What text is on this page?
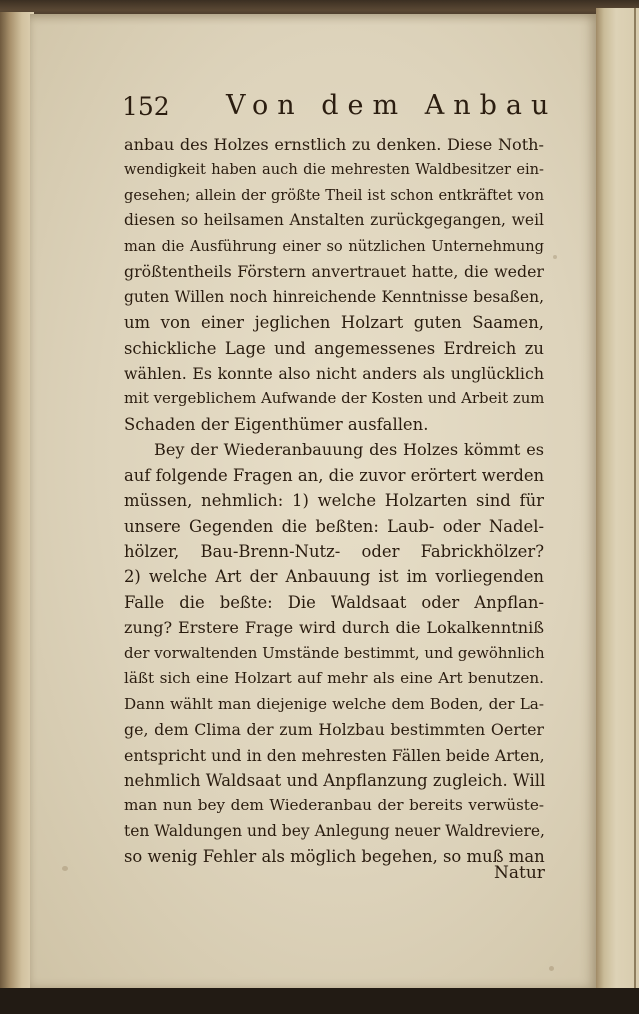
152 Von dem Anbau
anbau des Holzes ernstlich zu denken. Diese Noth-
wendigkeit haben auch die mehresten Waldbesitzer ein-
gesehen; allein der größte Theil ist schon entkräftet von
diesen so heilsamen Anstalten zurückgegangen, weil
man die Ausführung einer so nützlichen Unternehmung
größtentheils Förstern anvertrauet hatte, die weder
guten Willen noch hinreichende Kenntnisse besaßen,
um von einer jeglichen Holzart guten Saamen,
schickliche Lage und angemessenes Erdreich zu
wählen. Es konnte also nicht anders als unglücklich
mit vergeblichem Aufwande der Kosten und Arbeit zum
Schaden der Eigenthümer ausfallen.
Bey der Wiederanbauung des Holzes kömmt es
auf folgende Fragen an, die zuvor erörtert werden
müssen, nehmlich: 1) welche Holzarten sind für
unsere Gegenden die beßten: Laub- oder Nadel-
hölzer, Bau-Brenn-Nutz- oder Fabrickhölzer?
2) welche Art der Anbauung ist im vorliegenden
Falle die beßte: Die Waldsaat oder Anpflan-
zung? Erstere Frage wird durch die Lokalkenntniß
der vorwaltenden Umstände bestimmt, und gewöhnlich
läßt sich eine Holzart auf mehr als eine Art benutzen.
Dann wählt man diejenige welche dem Boden, der La-
ge, dem Clima der zum Holzbau bestimmten Oerter
entspricht und in den mehresten Fällen beide Arten,
nehmlich Waldsaat und Anpflanzung zugleich. Will
man nun bey dem Wiederanbau der bereits verwüste-
ten Waldungen und bey Anlegung neuer Waldreviere,
so wenig Fehler als möglich begehen, so muß man
Natur
